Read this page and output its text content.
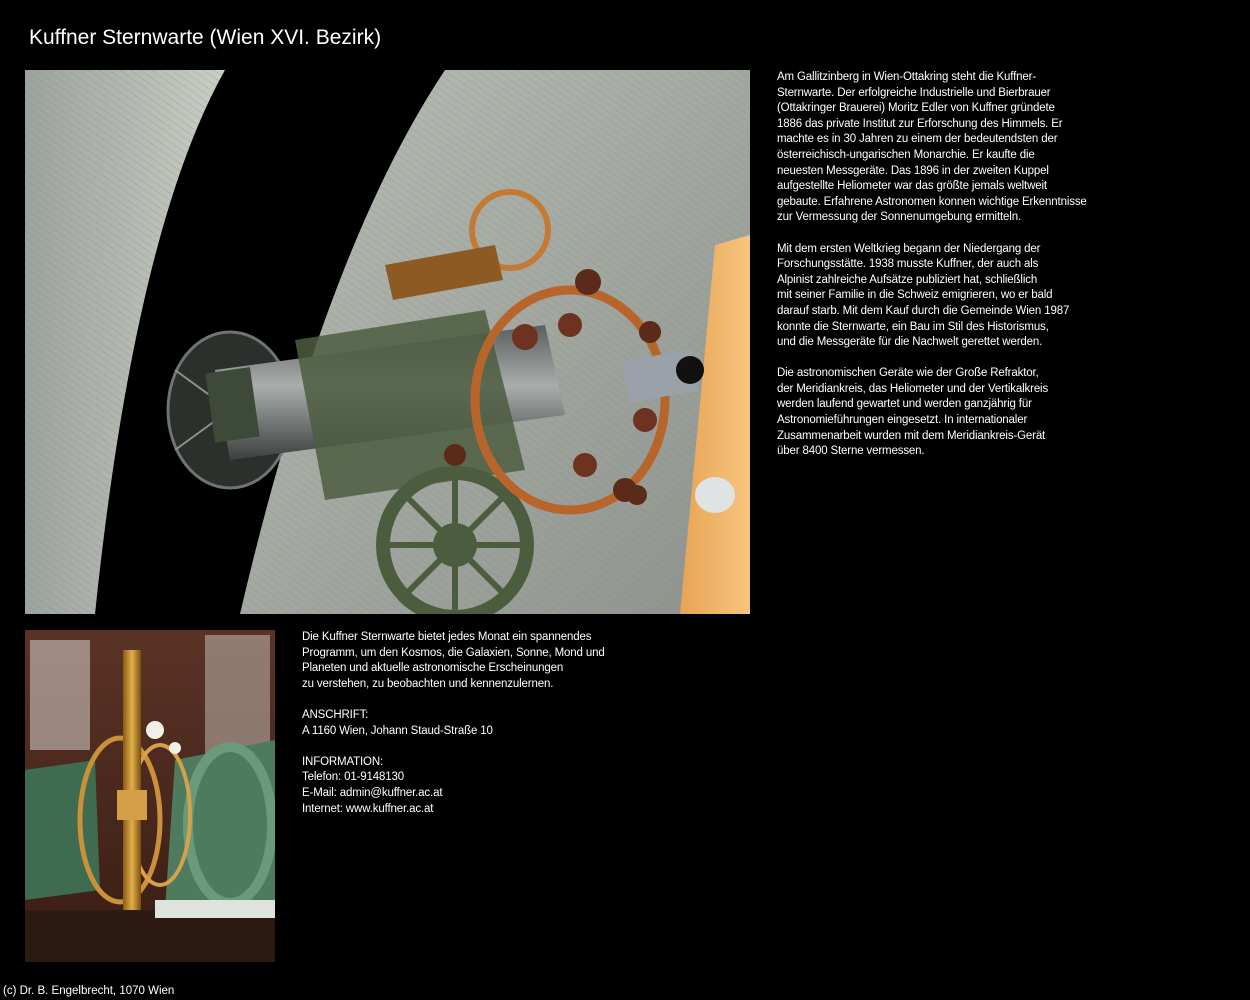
Kuffner Sternwarte (Wien XVI. Bezirk)

Am Gallitzinberg in Wien-Ottakring steht die Kuffner-
Sternwarte. Der erfolgreiche Industrielle und Bierbrauer
(Ottakringer Brauerei) Moritz Edler von Kuffner gründete
1886 das private Institut zur Erforschung des Himmels. Er
machte es in 30 Jahren zu einem der bedeutendsten der
österreichisch-ungarischen Monarchie. Er kaufte die
neuesten Messgeräte. Das 1896 in der zweiten Kuppel
aufgestellte Heliometer war das größte jemals weltweit
gebaute. Erfahrene Astronomen konnen wichtige Erkenntnisse
zur Vermessung der Sonnenumgebung ermitteln.

Mit dem ersten Weltkrieg begann der Niedergang der
Forschungsstätte. 1938 musste Kuffner, der auch als
Alpinist zahlreiche Aufsätze publiziert hat, schließlich
mit seiner Familie in die Schweiz emigrieren, wo er bald
darauf starb. Mit dem Kauf durch die Gemeinde Wien 1987
konnte die Sternwarte, ein Bau im Stil des Historismus,
und die Messgeräte für die Nachwelt gerettet werden.

Die astronomischen Geräte wie der Große Refraktor,
der Meridiankreis, das Heliometer und der Vertikalkreis
werden laufend gewartet und werden ganzjährig für
Astronomieführungen eingesetzt. In internationaler
Zusammenarbeit wurden mit dem Meridiankreis-Gerät
über 8400 Sterne vermessen.

Die Kuffner Sternwarte bietet jedes Monat ein spannendes
Programm, um den Kosmos, die Galaxien, Sonne, Mond und
Planeten und aktuelle astronomische Erscheinungen
zu verstehen, zu beobachten und kennenzulernen.

ANSCHRIFT:
A 1160 Wien, Johann Staud-Straße 10

INFORMATION:
Telefon: 01-9148130
E-Mail: admin@kuffner.ac.at
Internet: www.kuffner.ac.at

(c) Dr. B. Engelbrecht, 1070 Wien
